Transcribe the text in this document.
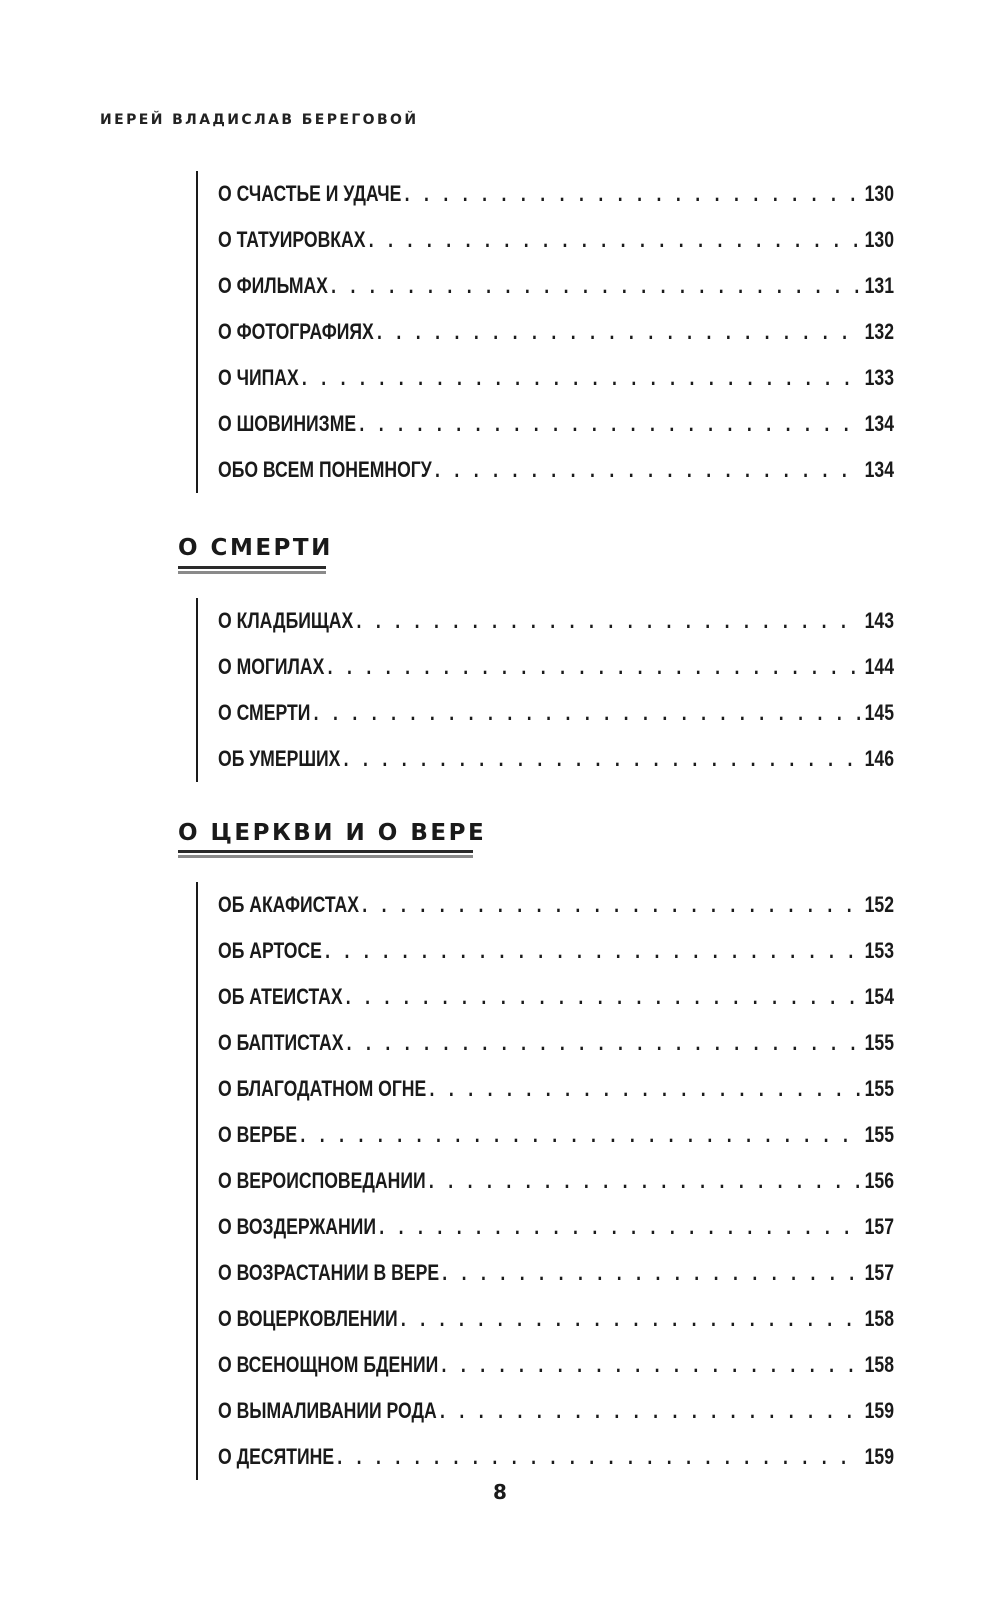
ИЕРЕЙ ВЛАДИСЛАВ БЕРЕГОВОЙ
О СЧАСТЬЕ И УДАЧЕ . . .	130
О ТАТУИРОВКАХ . . .	130
О ФИЛЬМАХ . . .	131
О ФОТОГРАФИЯХ . . .	132
О ЧИПАХ . . .	133
О ШОВИНИЗМЕ . . .	134
ОБО ВСЕМ ПОНЕМНОГУ . . .	134
О СМЕРТИ
О КЛАДБИЩАХ . . .	143
О МОГИЛАХ . . .	144
О СМЕРТИ . . .	145
ОБ УМЕРШИХ . . .	146
О ЦЕРКВИ И О ВЕРЕ
ОБ АКАФИСТАХ . . .	152
ОБ АРТОСЕ . . .	153
ОБ АТЕИСТАХ . . .	154
О БАПТИСТАХ . . .	155
О БЛАГОДАТНОМ ОГНЕ . . .	155
О ВЕРБЕ . . .	155
О ВЕРОИСПОВЕДАНИИ . . .	156
О ВОЗДЕРЖАНИИ . . .	157
О ВОЗРАСТАНИИ В ВЕРЕ . . .	157
О ВОЦЕРКОВЛЕНИИ . . .	158
О ВСЕНОЩНОМ БДЕНИИ . . .	158
О ВЫМАЛИВАНИИ РОДА . . .	159
О ДЕСЯТИНЕ . . .	159
8
